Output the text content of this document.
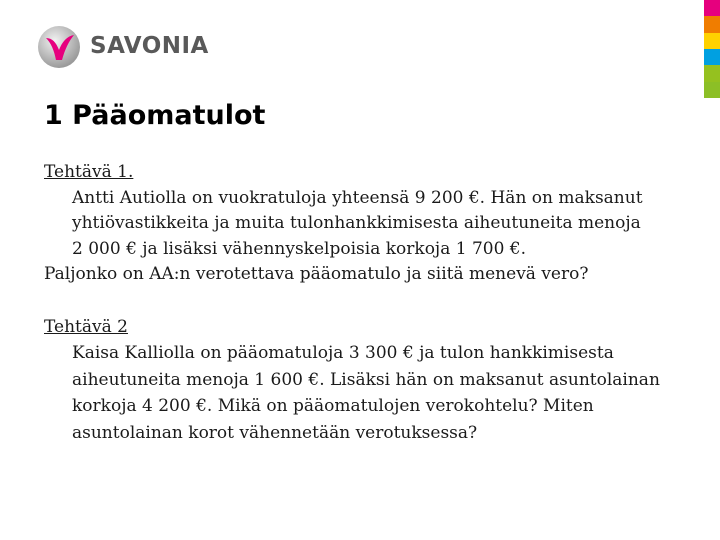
SAVONIA
1 Pääomatulot
Tehtävä 1.
Antti Autiolla on vuokratuloja yhteensä 9 200 €. Hän on maksanut
yhtiövastikkeita ja muita tulonhankkimisesta aiheutuneita menoja
2 000 € ja lisäksi vähennyskelpoisia korkoja 1 700 €.
Paljonko on AA:n verotettava pääomatulo ja siitä menevä vero?
Tehtävä 2
Kaisa Kalliolla on pääomatuloja 3 300 € ja tulon hankkimisesta
aiheutuneita menoja 1 600 €. Lisäksi hän on maksanut asuntolainan
korkoja 4 200 €. Mikä on pääomatulojen verokohtelu? Miten
asuntolainan korot vähennetään verotuksessa?
